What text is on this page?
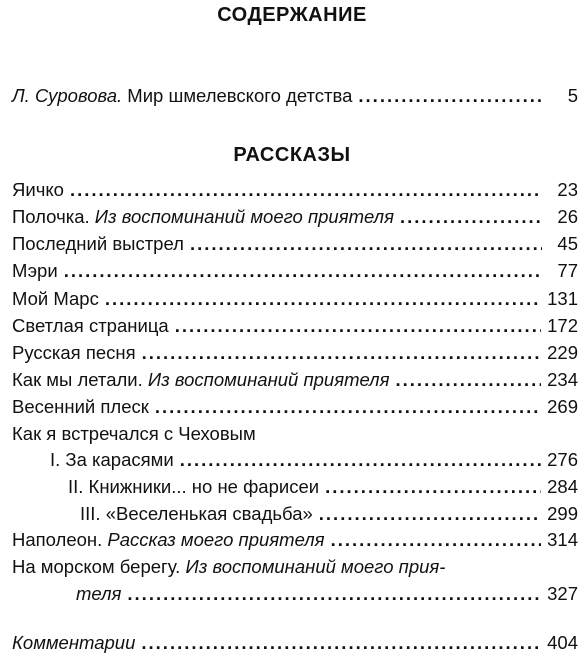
СОДЕРЖАНИЕ
Л. Суровова. Мир шмелевского детства .....	5
РАССКАЗЫ
Яичко .....	23
Полочка. Из воспоминаний моего приятеля .....	26
Последний выстрел .....	45
Мэри .....	77
Мой Марс .....	131
Светлая страница .....	172
Русская песня .....	229
Как мы летали. Из воспоминаний приятеля .....	234
Весенний плеск .....	269
Как я встречался с Чеховым
I. За карасями .....	276
II. Книжники... но не фарисеи .....	284
III. «Веселенькая свадьба» .....	299
Наполеон. Рассказ моего приятеля .....	314
На морском берегу. Из воспоминаний моего прия-
теля .....	327
Комментарии .....	404
